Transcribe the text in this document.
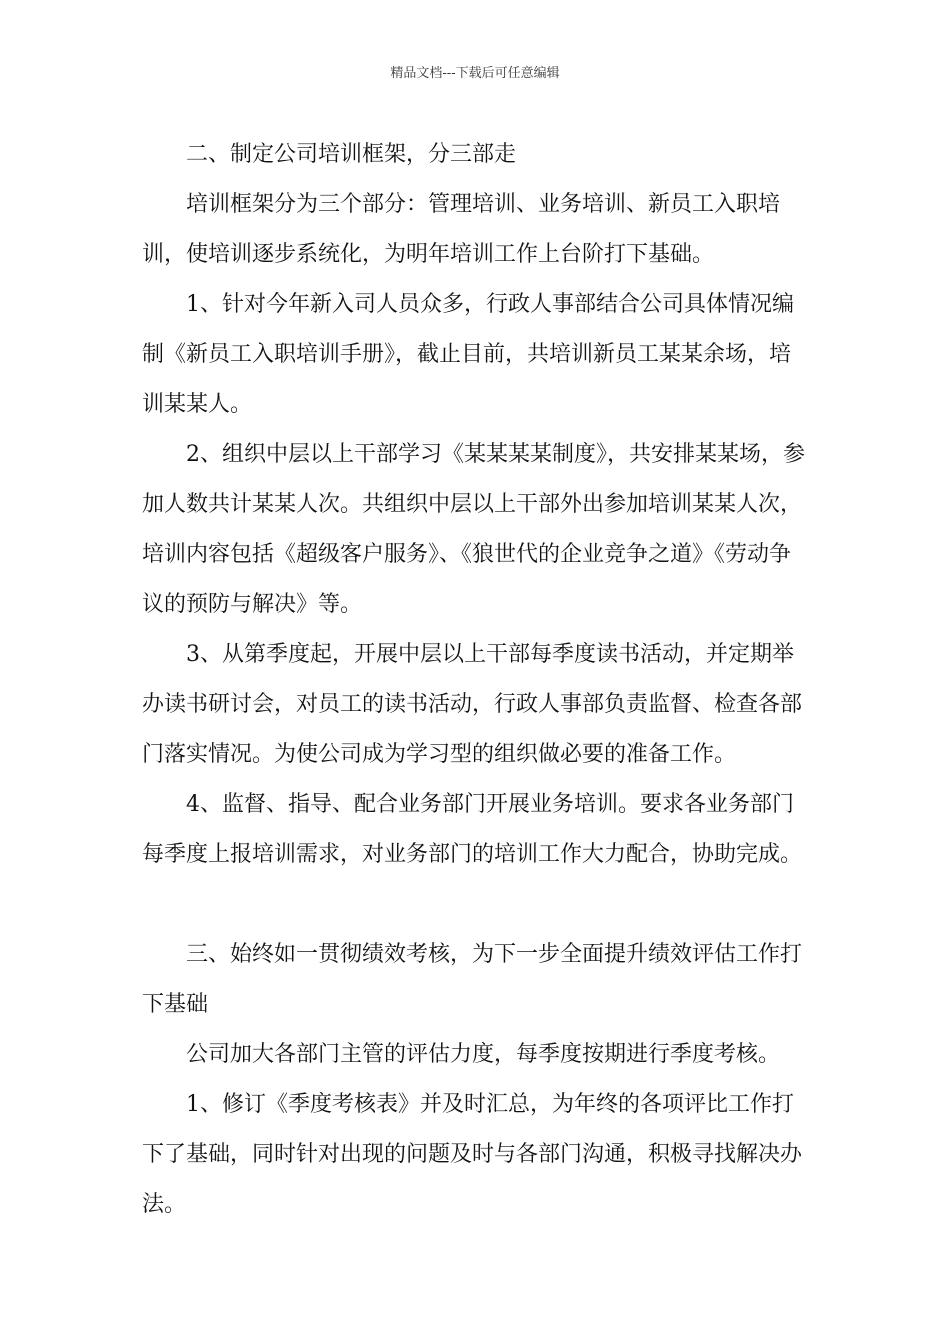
精品文档---下载后可任意编辑

二、制定公司培训框架，分三部走

培训框架分为三个部分：管理培训、业务培训、新员工入职培训，使培训逐步系统化，为明年培训工作上台阶打下基础。

1、针对今年新入司人员众多，行政人事部结合公司具体情况编制《新员工入职培训手册》，截止目前，共培训新员工某某余场，培训某某人。

2、组织中层以上干部学习《某某某某制度》，共安排某某场，参加人数共计某某人次。共组织中层以上干部外出参加培训某某人次，培训内容包括《超级客户服务》、《狼世代的企业竞争之道》《劳动争议的预防与解决》等。

3、从第季度起，开展中层以上干部每季度读书活动，并定期举办读书研讨会，对员工的读书活动，行政人事部负责监督、检查各部门落实情况。为使公司成为学习型的组织做必要的准备工作。

4、监督、指导、配合业务部门开展业务培训。要求各业务部门每季度上报培训需求，对业务部门的培训工作大力配合，协助完成。

三、始终如一贯彻绩效考核，为下一步全面提升绩效评估工作打下基础

公司加大各部门主管的评估力度，每季度按期进行季度考核。

1、修订《季度考核表》并及时汇总，为年终的各项评比工作打下了基础，同时针对出现的问题及时与各部门沟通，积极寻找解决办法。
